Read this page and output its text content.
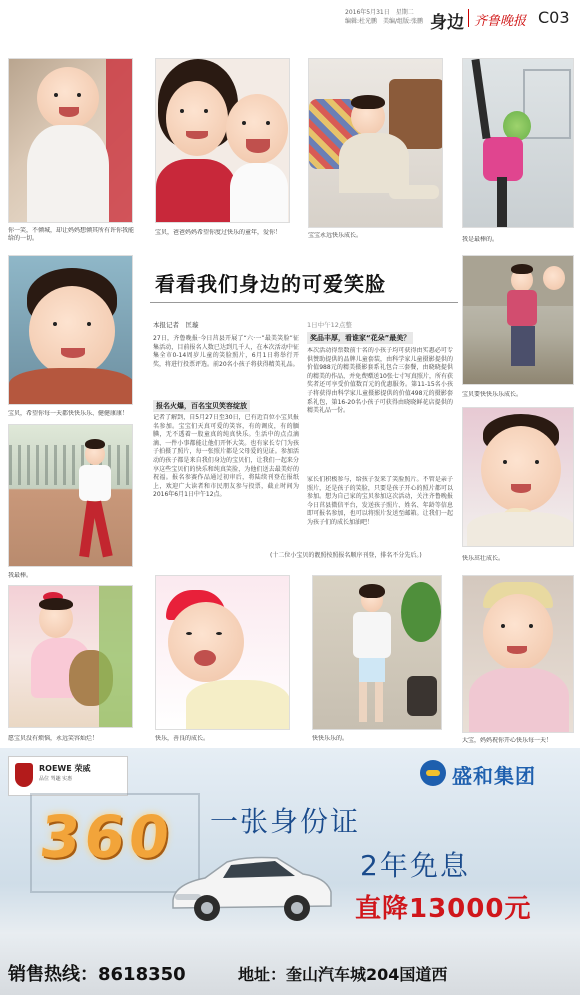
2016年5月31日　星期二
编辑:杜光鹏　美编/组版:张鹏 身边 齐鲁晚报 C03
你一笑，不倾城，却让妈妈想倾其所有许你我能给的一切。
宝贝，爸爸妈妈希望你度过快乐的童年，爱你！	宝宝永远快乐成长。
我是最棒的。
宝贝，希望你每一天都快快乐乐、健健康康！
我最棒。
宝贝要快快乐乐成长。
快乐茁壮成长。
看看我们身边的可爱笑脸
本报记者　匡璇	1日中午12点整
27日，齐鲁晚报·今日莒县开展了“六·一”最美笑脸”征集活动，目前报名人数已达到几千人，在本次活动中征集全市0-14周岁儿童的笑脸照片，6月1日将举行开奖，将进行投票评选。前20名小孩子将获得精美礼品。
报名火爆，百名宝贝笑容绽放
记者了解到，自5月27日至30日，已有近百位小宝贝报名参加。宝宝们天真可爱的笑容，有的调皮，有的腼腆，无不透着一股童真的纯真快乐。生活中的点点滴滴、一件小事都能让他们开怀大笑。也有家长专门为孩子拍摄了照片，每一张照片都是父母爱的见证。参加活动的孩子都是来自我们身边的宝贝们，让我们一起来分享这些宝贝们的快乐和纯真笑脸，为他们送去最美好的祝福。报名参赛作品通过初审后，将陆续刊登在报纸上，欢迎广大读者和市民朋友参与投票，截止时间为2016年6月1日中午12点。
奖品丰厚，看谁家“花朵”最美？
本次活动得票数前十名的小孩子均可获得由实惠必可专供赞助提供的品牌儿童套装，由科学家儿童摄影提供的价值988元的精美摄影套系礼包合三套餐，由晓晓提供的精美的作品，并免费赠送10张七寸写真照片，所有获奖者还可享受价值数百元的优惠服务。第11-15名小孩子将获得由科学家儿童摄影提供的价值498元的摄影套系礼包，第16-20名小孩子可获得由晓晓鲜花店提供的精美礼品一份。
家长们积极参与，给孩子发来了笑脸照片。不管是亲子照片，还是孩子的笑脸，只要是孩子开心的照片都可以参加。想为自己家的宝贝参加这次活动，关注齐鲁晚报今日莒县微信平台，发送孩子照片、姓名、年龄等信息即可报名参加，也可以将照片发送至邮箱。让我们一起为孩子们的成长加油吧！
(十二位小宝贝的靓照按照报名顺序刊登，排名不分先后。)
愿宝贝没有烦恼，永远笑容灿烂！	快乐，善良的成长。	快快乐乐的。	大宝，妈妈祝你开心快乐每一天！
ROEWE 荣威
品位 驾趣 实惠
360
盛和集团
一张身份证
2年免息
直降13000元
销售热线：8618350	地址：奎山汽车城204国道西
